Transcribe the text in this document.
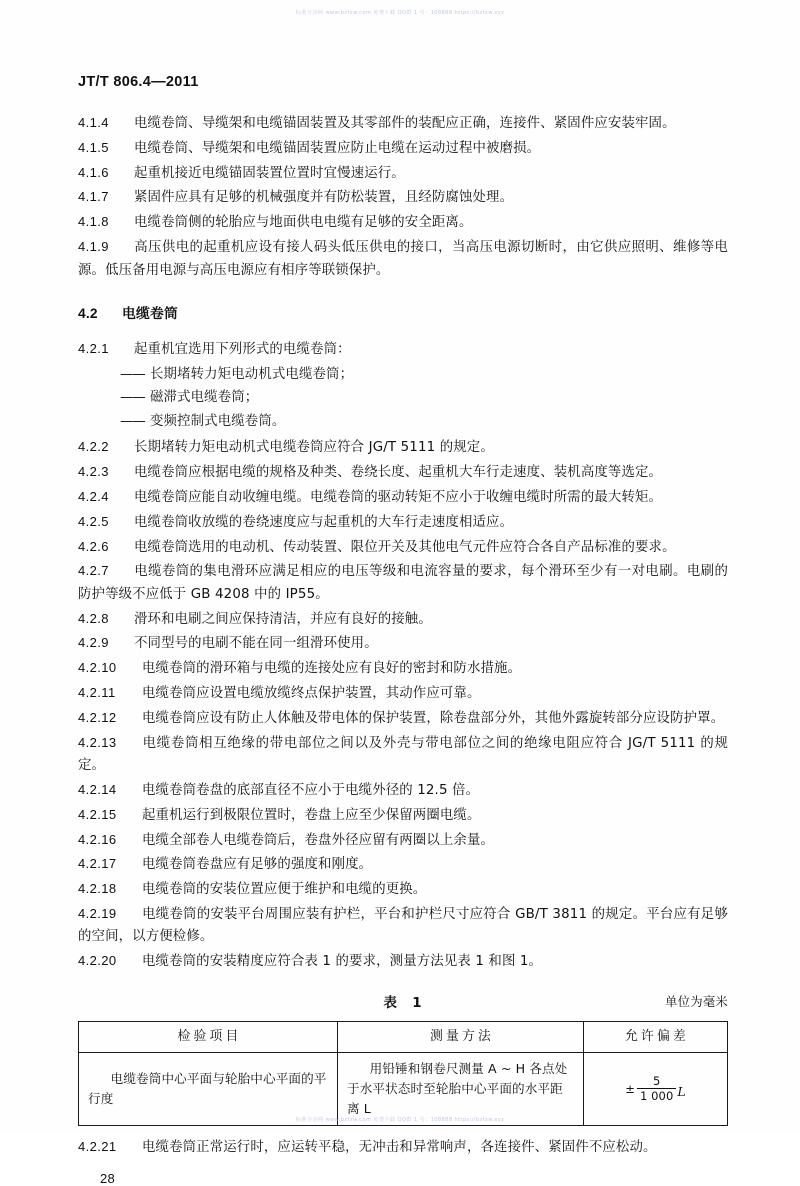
标准分享网 www.bzfxw.com 免费下载 QQ群 1 号：108888 https://bzfxw.xyz
JT/T 806.4—2011

4.1.4 电缆卷筒、导缆架和电缆锚固装置及其零部件的装配应正确，连接件、紧固件应安装牢固。

4.1.5 电缆卷筒、导缆架和电缆锚固装置应防止电缆在运动过程中被磨损。

4.1.6 起重机接近电缆锚固装置位置时宜慢速运行。

4.1.7 紧固件应具有足够的机械强度并有防松装置，且经防腐蚀处理。

4.1.8 电缆卷筒侧的轮胎应与地面供电电缆有足够的安全距离。

4.1.9 高压供电的起重机应设有接人码头低压供电的接口，当高压电源切断时，由它供应照明、维修等电源。低压备用电源与高压电源应有相序等联锁保护。

4.2 电缆卷筒

4.2.1 起重机宜选用下列形式的电缆卷筒：

—— 长期堵转力矩电动机式电缆卷筒；
—— 磁滞式电缆卷筒；
—— 变频控制式电缆卷筒。

4.2.2 长期堵转力矩电动机式电缆卷筒应符合 JG/T 5111 的规定。

4.2.3 电缆卷筒应根据电缆的规格及种类、卷绕长度、起重机大车行走速度、装机高度等选定。

4.2.4 电缆卷筒应能自动收缠电缆。电缆卷筒的驱动转矩不应小于收缠电缆时所需的最大转矩。

4.2.5 电缆卷筒收放缆的卷绕速度应与起重机的大车行走速度相适应。

4.2.6 电缆卷筒选用的电动机、传动装置、限位开关及其他电气元件应符合各自产品标准的要求。

4.2.7 电缆卷筒的集电滑环应满足相应的电压等级和电流容量的要求，每个滑环至少有一对电刷。电刷的防护等级不应低于 GB 4208 中的 IP55。

4.2.8 滑环和电刷之间应保持清洁，并应有良好的接触。

4.2.9 不同型号的电刷不能在同一组滑环使用。

4.2.10 电缆卷筒的滑环箱与电缆的连接处应有良好的密封和防水措施。

4.2.11 电缆卷筒应设置电缆放缆终点保护装置，其动作应可靠。

4.2.12 电缆卷筒应设有防止人体触及带电体的保护装置，除卷盘部分外，其他外露旋转部分应设防护罩。

4.2.13 电缆卷筒相互绝缘的带电部位之间以及外壳与带电部位之间的绝缘电阻应符合 JG/T 5111 的规定。

4.2.14 电缆卷筒卷盘的底部直径不应小于电缆外径的 12.5 倍。

4.2.15 起重机运行到极限位置时，卷盘上应至少保留两圈电缆。

4.2.16 电缆全部卷人电缆卷筒后，卷盘外径应留有两圈以上余量。

4.2.17 电缆卷筒卷盘应有足够的强度和刚度。

4.2.18 电缆卷筒的安装位置应便于维护和电缆的更换。

4.2.19 电缆卷筒的安装平台周围应装有护栏，平台和护栏尺寸应符合 GB/T 3811 的规定。平台应有足够的空间，以方便检修。

4.2.20 电缆卷筒的安装精度应符合表 1 的要求，测量方法见表 1 和图 1。

表　1	单位为毫米
检验项目	测量方法	允许偏差
电缆卷筒中心平面与轮胎中心平面的平行度	用铅锤和钢卷尺测量 A ~ H 各点处于水平状态时至轮胎中心平面的水平距离 L	± $\frac{5}{1 000}$ L

4.2.21 电缆卷筒正常运行时，应运转平稳，无冲击和异常响声，各连接件、紧固件不应松动。

28
标准分享网 www.bzfxw.com 免费下载 QQ群 1 号：108888 https://bzfxw.xyz
